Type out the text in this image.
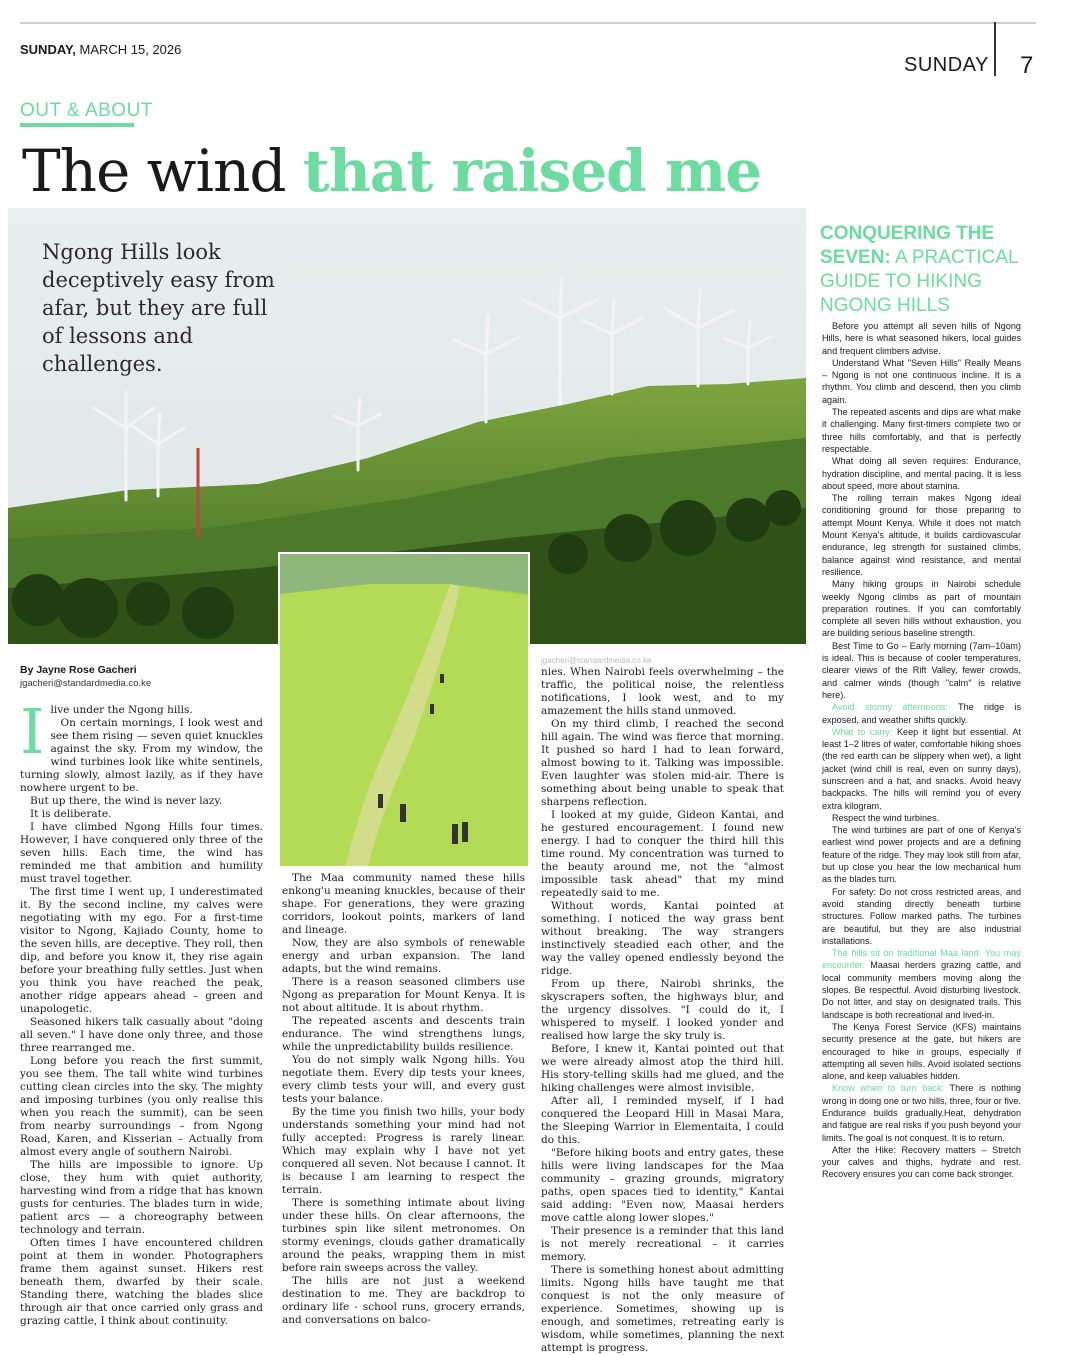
SUNDAY, MARCH 15, 2026
SUNDAY 7
OUT & ABOUT
The wind that raised me
Ngong Hills look deceptively easy from afar, but they are full of lessons and challenges.
By Jayne Rose Gacheri
jgacheri@standardmedia.co.ke
jgacheri@standardmedia.co.ke
I live under the Ngong hills.

On certain mornings, I look west and see them rising — seven quiet knuckles against the sky. From my window, the wind turbines look like white sentinels, turning slowly, almost lazily, as if they have nowhere urgent to be.

But up there, the wind is never lazy.

It is deliberate.

I have climbed Ngong Hills four times. However, I have conquered only three of the seven hills. Each time, the wind has reminded me that ambition and humility must travel together.

The first time I went up, I underestimated it. By the second incline, my calves were negotiating with my ego. For a first-time visitor to Ngong, Kajiado County, home to the seven hills, are deceptive. They roll, then dip, and before you know it, they rise again before your breathing fully settles. Just when you think you have reached the peak, another ridge appears ahead – green and unapologetic.

Seasoned hikers talk casually about "doing all seven." I have done only three, and those three rearranged me.

Long before you reach the first summit, you see them. The tall white wind turbines cutting clean circles into the sky. The mighty and imposing turbines (you only realise this when you reach the summit), can be seen from nearby surroundings – from Ngong Road, Karen, and Kisserian – Actually from almost every angle of southern Nairobi.

The hills are impossible to ignore. Up close, they hum with quiet authority, harvesting wind from a ridge that has known gusts for centuries. The blades turn in wide, patient arcs — a choreography between technology and terrain.

Often times I have encountered children point at them in wonder. Photographers frame them against sunset. Hikers rest beneath them, dwarfed by their scale. Standing there, watching the blades slice through air that once carried only grass and grazing cattle, I think about continuity.

The Maa community named these hills enkong'u meaning knuckles, because of their shape. For generations, they were grazing corridors, lookout points, markers of land and lineage.

Now, they are also symbols of renewable energy and urban expansion. The land adapts, but the wind remains.

There is a reason seasoned climbers use Ngong as preparation for Mount Kenya. It is not about altitude. It is about rhythm.

The repeated ascents and descents train endurance. The wind strengthens lungs, while the unpredictability builds resilience.

You do not simply walk Ngong hills. You negotiate them. Every dip tests your knees, every climb tests your will, and every gust tests your balance.

By the time you finish two hills, your body understands something your mind had not fully accepted: Progress is rarely linear. Which may explain why I have not yet conquered all seven. Not because I cannot. It is because I am learning to respect the terrain.

There is something intimate about living under these hills. On clear afternoons, the turbines spin like silent metronomes. On stormy evenings, clouds gather dramatically around the peaks, wrapping them in mist before rain sweeps across the valley.

The hills are not just a weekend destination to me. They are backdrop to ordinary life - school runs, grocery errands, and conversations on balco-

nies. When Nairobi feels overwhelming – the traffic, the political noise, the relentless notifications, I look west, and to my amazement the hills stand unmoved.

On my third climb, I reached the second hill again. The wind was fierce that morning. It pushed so hard I had to lean forward, almost bowing to it. Talking was impossible. Even laughter was stolen mid-air. There is something about being unable to speak that sharpens reflection.

I looked at my guide, Gideon Kantai, and he gestured encouragement. I found new energy. I had to conquer the third hill this time round. My concentration was turned to the beauty around me, not the "almost impossible task ahead" that my mind repeatedly said to me.

Without words, Kantai pointed at something. I noticed the way grass bent without breaking. The way strangers instinctively steadied each other, and the way the valley opened endlessly beyond the ridge.

From up there, Nairobi shrinks, the skyscrapers soften, the highways blur, and the urgency dissolves. "I could do it, I whispered to myself. I looked yonder and realised how large the sky truly is.

Before, I knew it, Kantai pointed out that we were already almost atop the third hill. His story-telling skills had me glued, and the hiking challenges were almost invisible.

After all, I reminded myself, if I had conquered the Leopard Hill in Masai Mara, the Sleeping Warrior in Elementaita, I could do this.

"Before hiking boots and entry gates, these hills were living landscapes for the Maa community – grazing grounds, migratory paths, open spaces tied to identity," Kantai said adding: "Even now, Maasai herders move cattle along lower slopes."

Their presence is a reminder that this land is not merely recreational – it carries memory.

There is something honest about admitting limits. Ngong hills have taught me that conquest is not the only measure of experience. Sometimes, showing up is enough, and sometimes, retreating early is wisdom, while sometimes, planning the next attempt is progress.

CONQUERING THE SEVEN: A PRACTICAL GUIDE TO HIKING NGONG HILLS

Before you attempt all seven hills of Ngong Hills, here is what seasoned hikers, local guides and frequent climbers advise.

Understand What "Seven Hills" Really Means – Ngong is not one continuous incline. It is a rhythm. You climb and descend, then you climb again.

The repeated ascents and dips are what make it challenging. Many first-timers complete two or three hills comfortably, and that is perfectly respectable.

What doing all seven requires: Endurance, hydration discipline, and mental pacing. It is less about speed, more about stamina.

The rolling terrain makes Ngong ideal conditioning ground for those preparing to attempt Mount Kenya. While it does not match Mount Kenya's altitude, it builds cardiovascular endurance, leg strength for sustained climbs, balance against wind resistance, and mental resilience.

Many hiking groups in Nairobi schedule weekly Ngong climbs as part of mountain preparation routines. If you can comfortably complete all seven hills without exhaustion, you are building serious baseline strength.

Best Time to Go – Early morning (7am–10am) is ideal. This is because of cooler temperatures, clearer views of the Rift Valley, fewer crowds, and calmer winds (though "calm" is relative here).

Avoid stormy afternoons: The ridge is exposed, and weather shifts quickly.

What to carry: Keep it light but essential. At least 1–2 litres of water, comfortable hiking shoes (the red earth can be slippery when wet), a light jacket (wind chill is real, even on sunny days), sunscreen and a hat, and snacks. Avoid heavy backpacks. The hills will remind you of every extra kilogram.

Respect the wind turbines.

The wind turbines are part of one of Kenya's earliest wind power projects and are a defining feature of the ridge. They may look still from afar, but up close you hear the low mechanical hum as the blades turn.

For safety: Do not cross restricted areas, and avoid standing directly beneath turbine structures. Follow marked paths. The turbines are beautiful, but they are also industrial installations.

The hills sit on traditional Maa land. You may encounter: Maasai herders grazing cattle, and local community members moving along the slopes. Be respectful. Avoid disturbing livestock. Do not litter, and stay on designated trails. This landscape is both recreational and lived-in.

The Kenya Forest Service (KFS) maintains security presence at the gate, but hikers are encouraged to hike in groups, especially if attempting all seven hills. Avoid isolated sections alone, and keep valuables hidden.

Know when to turn back: There is nothing wrong in doing one or two hills, three, four or five. Endurance builds gradually.Heat, dehydration and fatigue are real risks if you push beyond your limits. The goal is not conquest. It is to return.

After the Hike: Recovery matters – Stretch your calves and thighs, hydrate and rest. Recovery ensures you can come back stronger.
